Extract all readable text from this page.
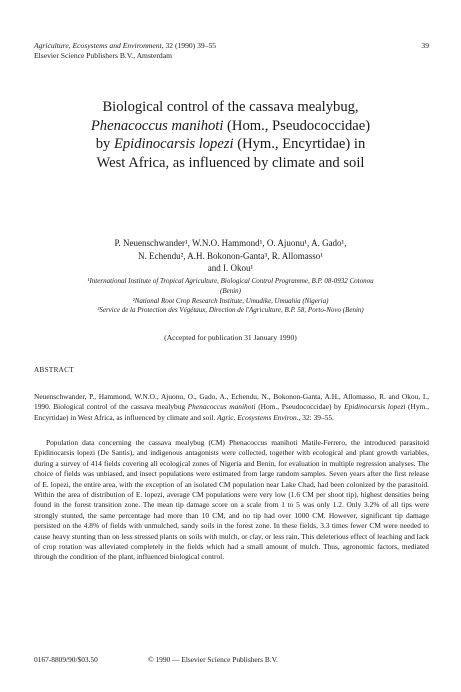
Agriculture, Ecosystems and Environment, 32 (1990) 39–55
Elsevier Science Publishers B.V., Amsterdam
39
Biological control of the cassava mealybug,
Phenacoccus manihoti (Hom., Pseudococcidae)
by Epidinocarsis lopezi (Hym., Encyrtidae) in
West Africa, as influenced by climate and soil
P. Neuenschwander¹, W.N.O. Hammond¹, O. Ajuonu¹, A. Gado¹,
N. Echendu², A.H. Bokonon-Ganta³, R. Allomasso¹
and I. Okou¹
¹International Institute of Tropical Agriculture, Biological Control Programme, B.P. 08-0932 Cotonou
(Benin)
²National Root Crop Research Institute, Umudike, Umuahia (Nigeria)
³Service de la Protection des Végétaux, Direction de l'Agriculture, B.P. 58, Porto-Novo (Benin)
(Accepted for publication 31 January 1990)
ABSTRACT
Neuenschwander, P., Hammond, W.N.O., Ajuonu, O., Gado, A., Echendu, N., Bokonon-Ganta, A.H., Allomasso, R. and Okou, I., 1990. Biological control of the cassava mealybug Phenacoccus manihoti (Hom., Pseudococcidae) by Epidinocarsis lopezi (Hym., Encyrtidae) in West Africa, as influenced by climate and soil. Agric. Ecosystems Environ., 32: 39–55.

Population data concerning the cassava mealybug (CM) Phenacoccus manihoti Matile-Ferrero, the introduced parasitoid Epidinocarsis lopezi (De Santis), and indigenous antagonists were collected, together with ecological and plant growth variables, during a survey of 414 fields covering all ecological zones of Nigeria and Benin, for evaluation in multiple regression analyses. The choice of fields was unbiased, and insect populations were estimated from large random samples. Seven years after the first release of E. lopezi, the entire area, with the exception of an isolated CM population near Lake Chad, had been colonized by the parasitoid. Within the area of distribution of E. lopezi, average CM populations were very low (1.6 CM per shoot tip), highest densities being found in the forest transition zone. The mean tip damage score on a scale from 1 to 5 was only 1.2. Only 3.2% of all tips were strongly stunted, the same percentage had more than 10 CM, and no tip had over 1000 CM. However, significant tip damage persisted on the 4.8% of fields with unmulched, sandy soils in the forest zone. In these fields, 3.3 times fewer CM were needed to cause heavy stunting than on less stressed plants on soils with mulch, or clay, or less rain. This deleterious effect of leaching and lack of crop rotation was alleviated completely in the fields which had a small amount of mulch. Thus, agronomic factors, mediated through the condition of the plant, influenced biological control.

0167-8809/90/$03.50	© 1990 — Elsevier Science Publishers B.V.
